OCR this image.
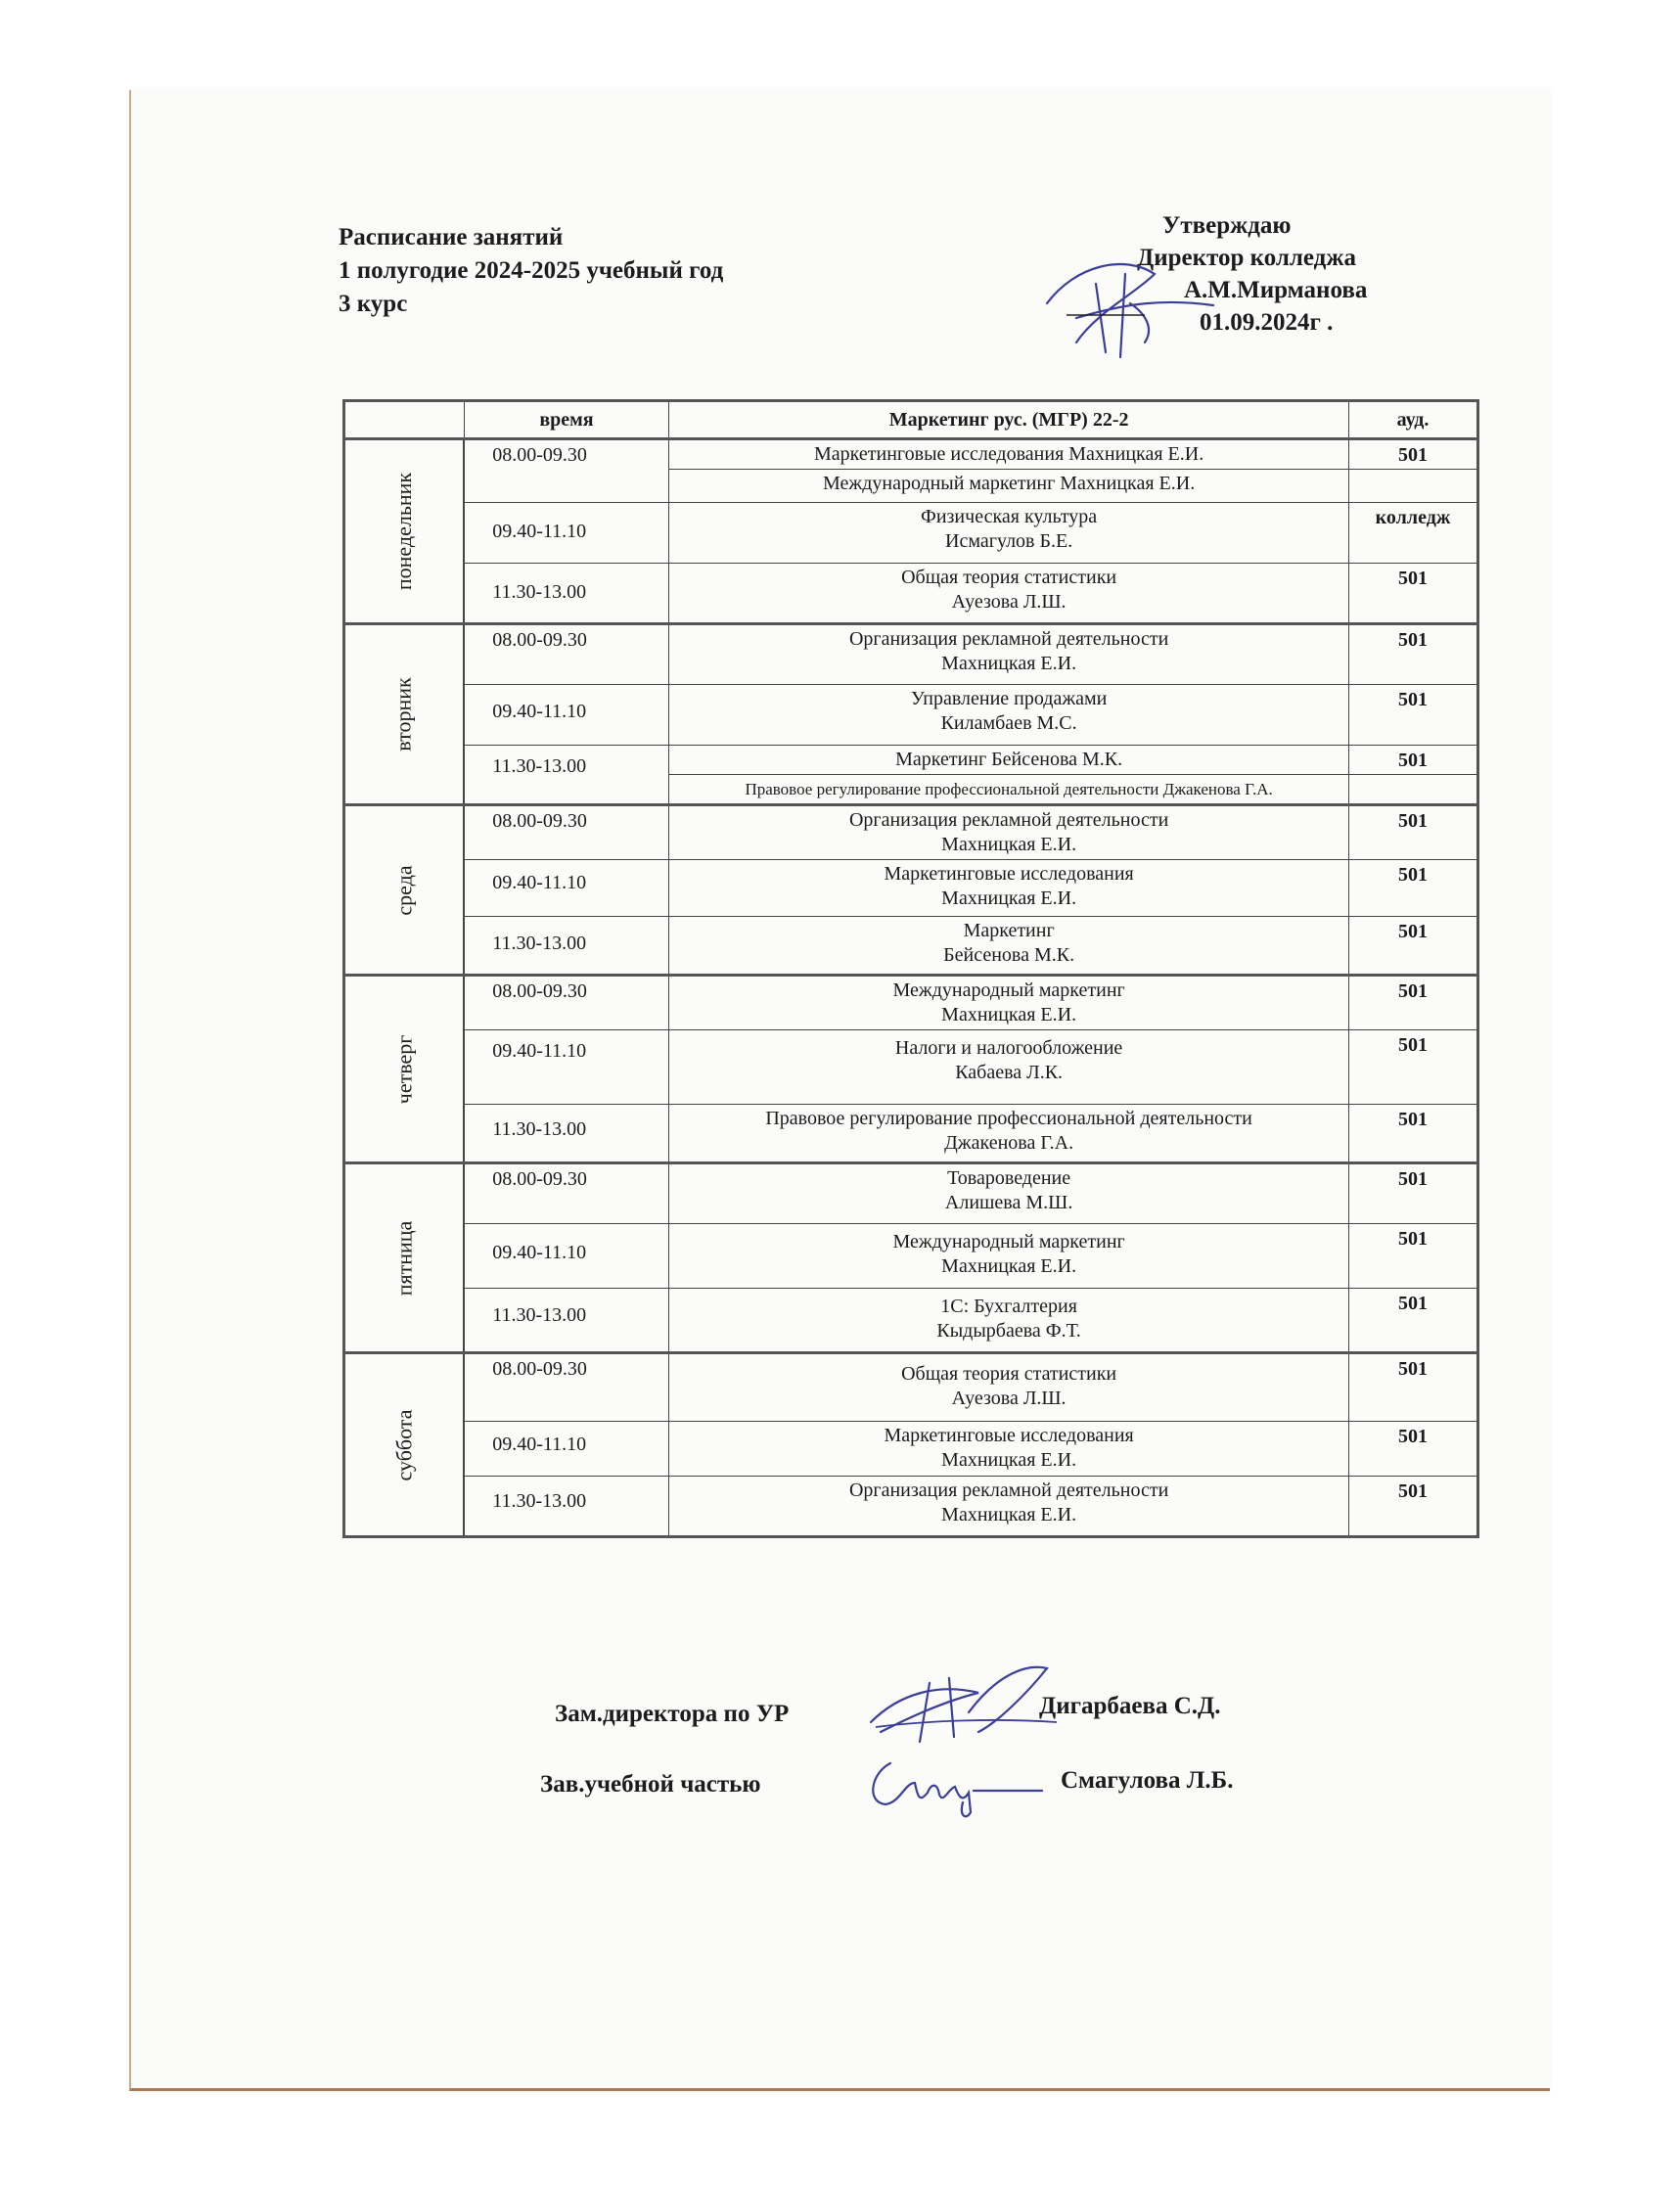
Расписание занятий
1 полугодие 2024-2025 учебный год
3 курс
Утверждаю
Директор колледжа
А.М.Мирманова
01.09.2024г .
	время	Маркетинг рус. (МГР) 22-2	ауд.
понедельник	08.00-09.30	Маркетинговые исследования Махницкая Е.И.	501
		Международный маркетинг Махницкая Е.И.	
	09.40-11.10	Физическая культура
Исмагулов Б.Е.	колледж
	11.30-13.00	Общая теория статистики
Ауезова Л.Ш.	501
вторник	08.00-09.30	Организация рекламной деятельности
Махницкая Е.И.	501
	09.40-11.10	Управление продажами
Киламбаев М.С.	501
	11.30-13.00	Маркетинг Бейсенова М.К.	501
		Правовое регулирование профессиональной деятельности Джакенова Г.А.	
среда	08.00-09.30	Организация рекламной деятельности
Махницкая Е.И.	501
	09.40-11.10	Маркетинговые исследования
Махницкая Е.И.	501
	11.30-13.00	Маркетинг
Бейсенова М.К.	501
четверг	08.00-09.30	Международный маркетинг
Махницкая Е.И.	501
	09.40-11.10	Налоги и налогообложение
Кабаева Л.К.	501
	11.30-13.00	Правовое регулирование профессиональной деятельности
Джакенова Г.А.	501
пятница	08.00-09.30	Товароведение
Алишева М.Ш.	501
	09.40-11.10	Международный маркетинг
Махницкая Е.И.	501
	11.30-13.00	1С: Бухгалтерия
Кыдырбаева Ф.Т.	501
суббота	08.00-09.30	Общая теория статистики
Ауезова Л.Ш.	501
	09.40-11.10	Маркетинговые исследования
Махницкая Е.И.	501
	11.30-13.00	Организация рекламной деятельности
Махницкая Е.И.	501
Зам.директора по УР	Дигарбаева С.Д.
Зав.учебной частью	Смагулова Л.Б.
